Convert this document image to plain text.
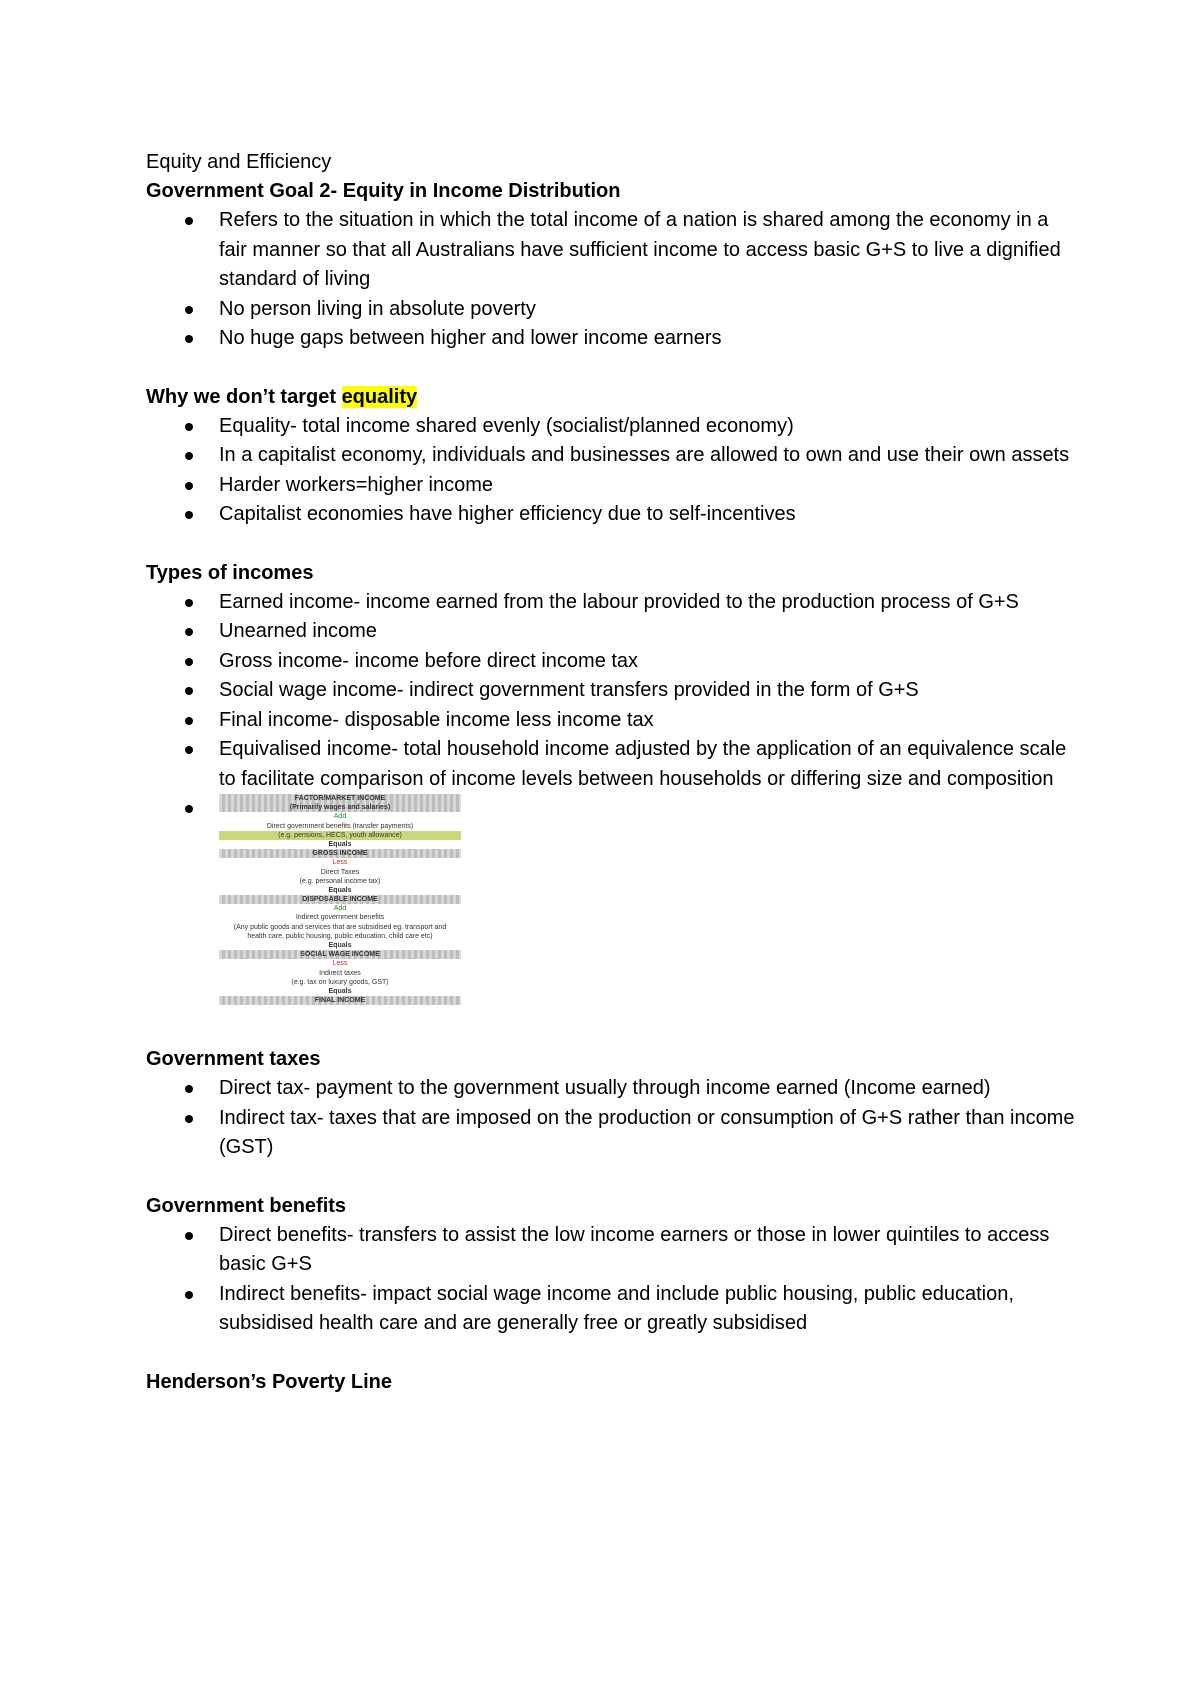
Equity and Efficiency

Government Goal 2- Equity in Income Distribution

Refers to the situation in which the total income of a nation is shared among the economy in a fair manner so that all Australians have sufficient income to access basic G+S to live a dignified standard of living
No person living in absolute poverty
No huge gaps between higher and lower income earners

Why we don’t target equality

Equality- total income shared evenly (socialist/planned economy)
In a capitalist economy, individuals and businesses are allowed to own and use their own assets
Harder workers=higher income
Capitalist economies have higher efficiency due to self-incentives

Types of incomes

Earned income- income earned from the labour provided to the production process of G+S
Unearned income
Gross income- income before direct income tax
Social wage income- indirect government transfers provided in the form of G+S
Final income- disposable income less income tax
Equivalised income- total household income adjusted by the application of an equivalence scale to facilitate comparison of income levels between households or differing size and composition
FACTOR/MARKET INCOME
(Primarily wages and salaries)
Add
Direct government benefits (transfer payments)
(e.g. pensions, HECS, youth allowance)
Equals
GROSS INCOME
Less
Direct Taxes
(e.g. personal income tax)
Equals
DISPOSABLE INCOME
Add
Indirect government benefits
(Any public goods and services that are subsidised eg. transport and
health care, public housing, public education, child care etc)
Equals
SOCIAL WAGE INCOME
Less
Indirect taxes
(e.g. tax on luxury goods, GST)
Equals
FINAL INCOME

Government taxes

Direct tax- payment to the government usually through income earned (Income earned)
Indirect tax- taxes that are imposed on the production or consumption of G+S rather than income (GST)

Government benefits

Direct benefits- transfers to assist the low income earners or those in lower quintiles to access basic G+S
Indirect benefits- impact social wage income and include public housing, public education, subsidised health care and are generally free or greatly subsidised

Henderson’s Poverty Line
